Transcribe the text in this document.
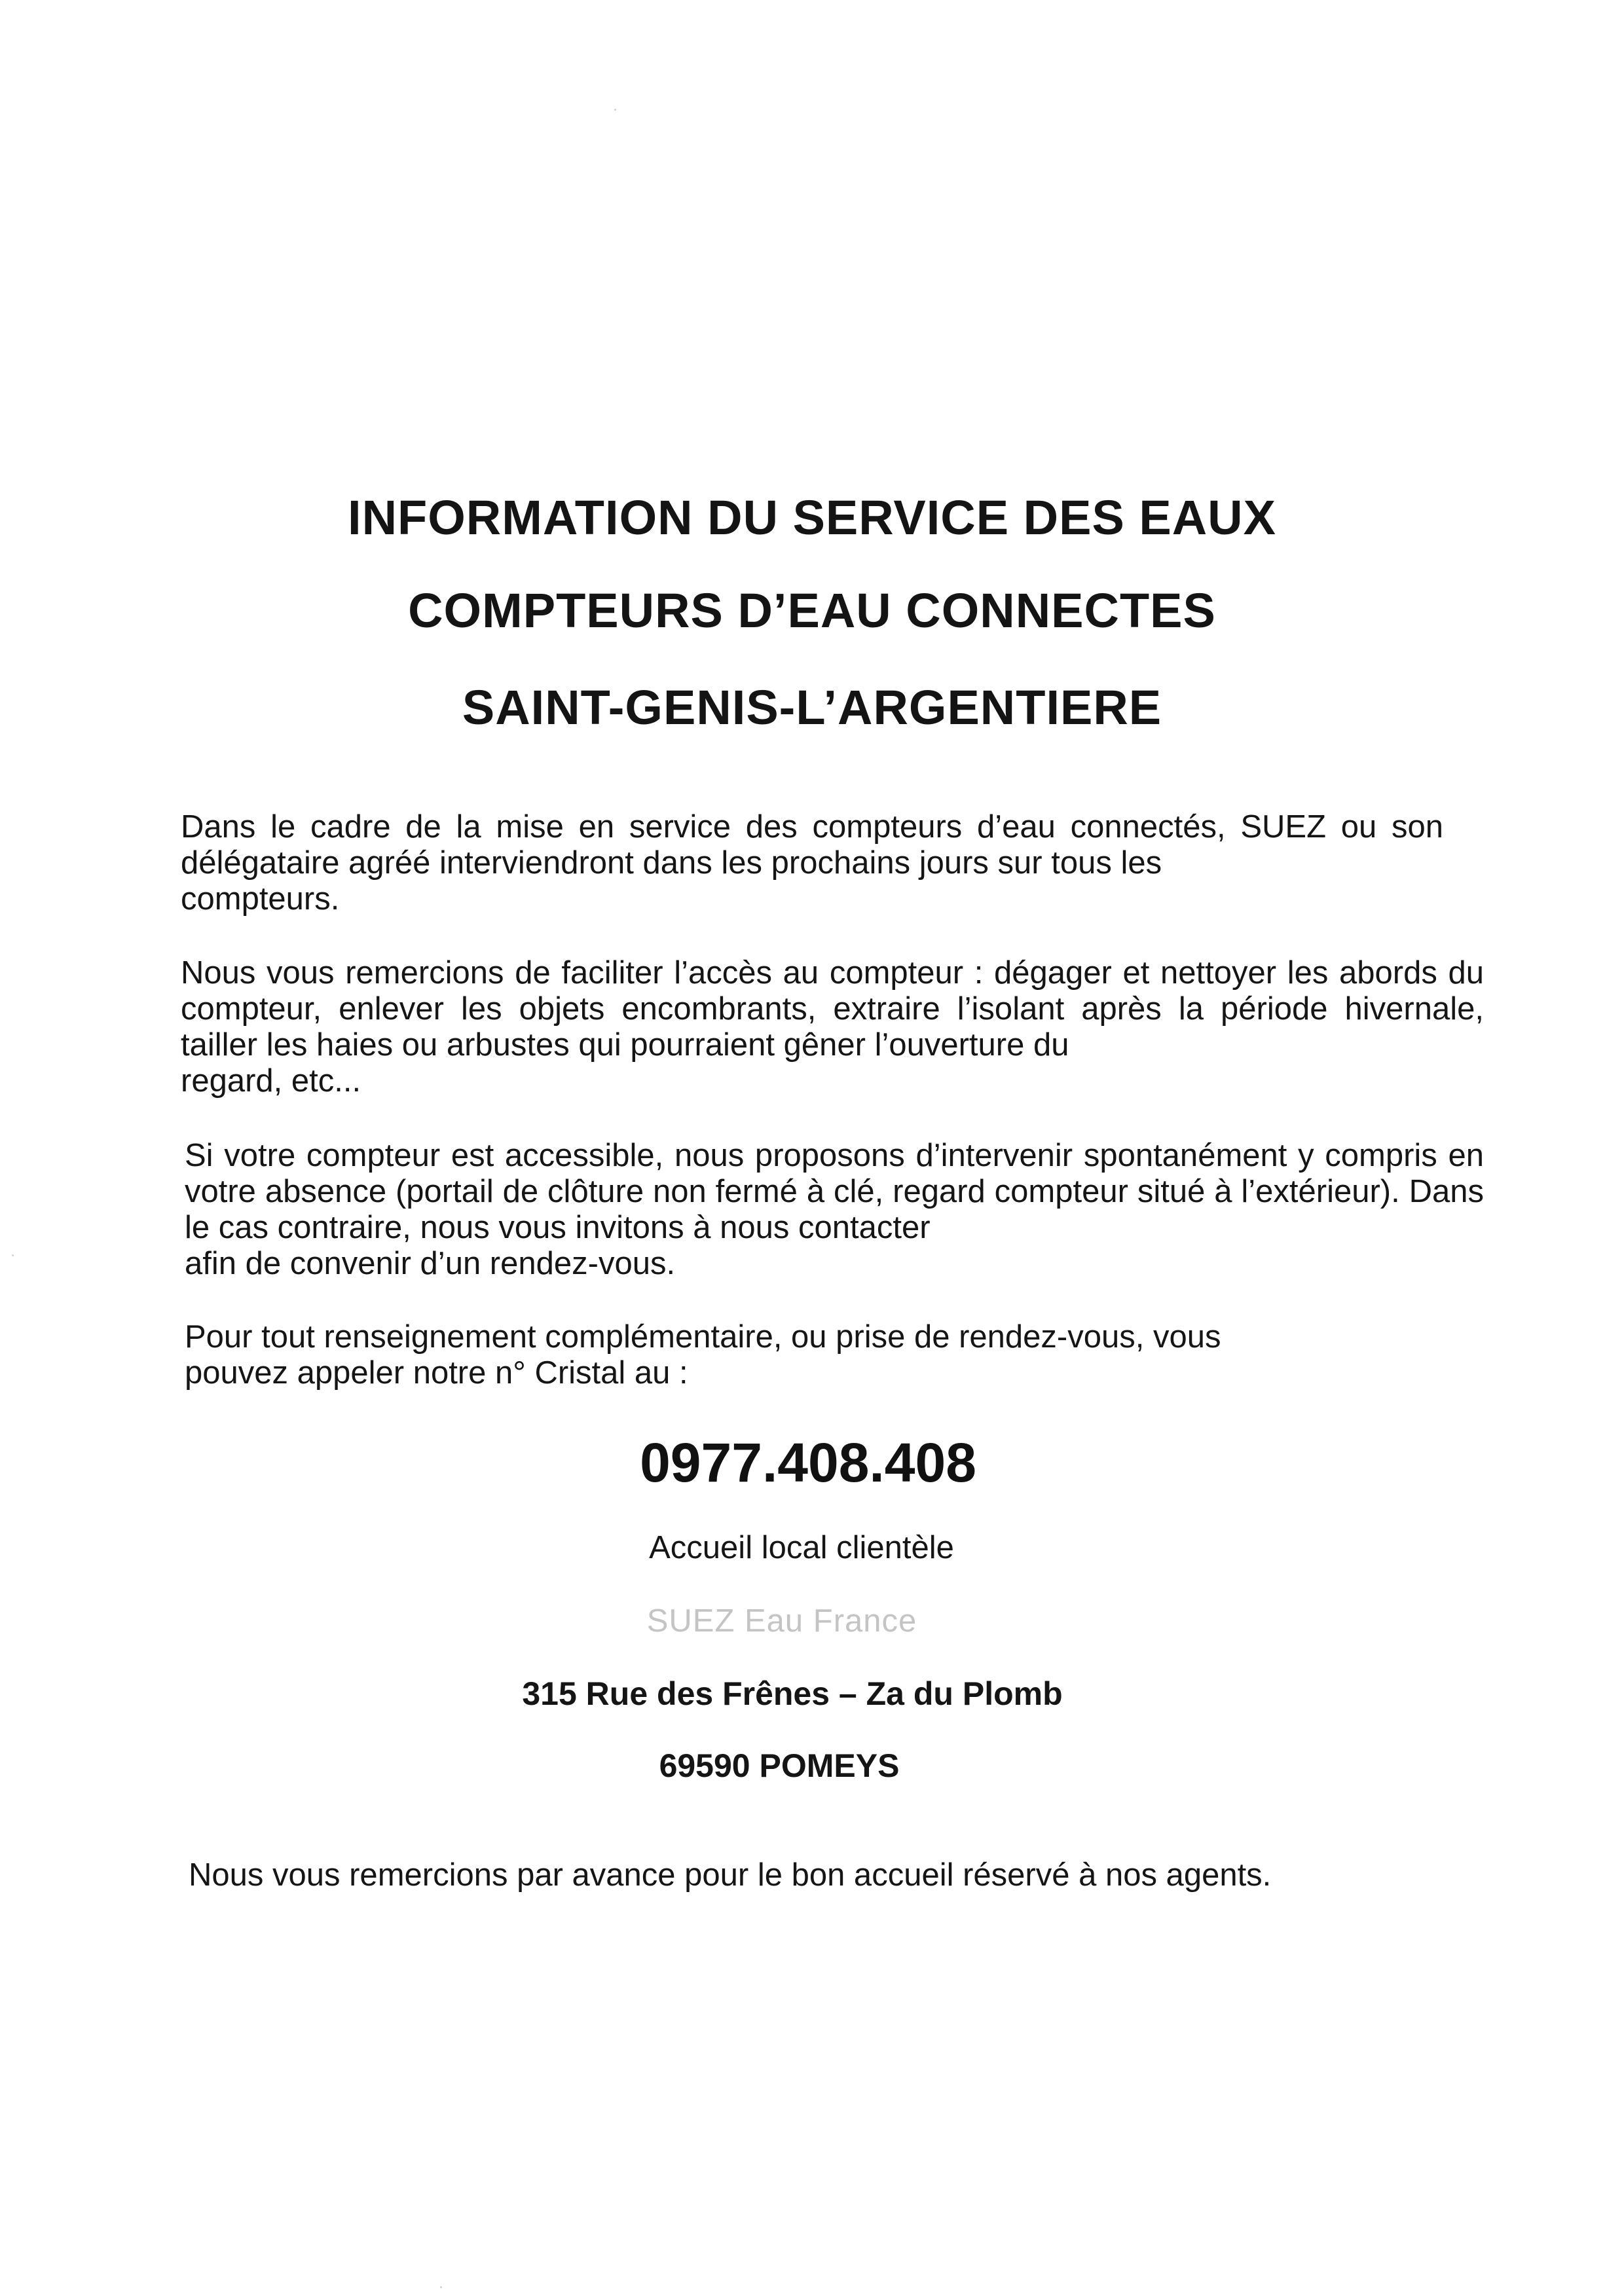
INFORMATION DU SERVICE DES EAUX
COMPTEURS D’EAU CONNECTES
SAINT-GENIS-L’ARGENTIERE
Dans le cadre de la mise en service des compteurs d’eau connectés, SUEZ ou son délégataire agréé interviendront dans les prochains jours sur tous les
compteurs.
Nous vous remercions de faciliter l’accès au compteur : dégager et nettoyer les abords du compteur, enlever les objets encombrants, extraire l’isolant après la période hivernale, tailler les haies ou arbustes qui pourraient gêner l’ouverture du
regard, etc...
Si votre compteur est accessible, nous proposons d’intervenir spontanément y compris en votre absence (portail de clôture non fermé à clé, regard compteur situé à l’extérieur). Dans le cas contraire, nous vous invitons à nous contacter
afin de convenir d’un rendez-vous.
Pour tout renseignement complémentaire, ou prise de rendez-vous, vous
pouvez appeler notre n° Cristal au :
0977.408.408
Accueil local clientèle
SUEZ Eau France
315 Rue des Frênes – Za du Plomb
69590 POMEYS
Nous vous remercions par avance pour le bon accueil réservé à nos agents.
